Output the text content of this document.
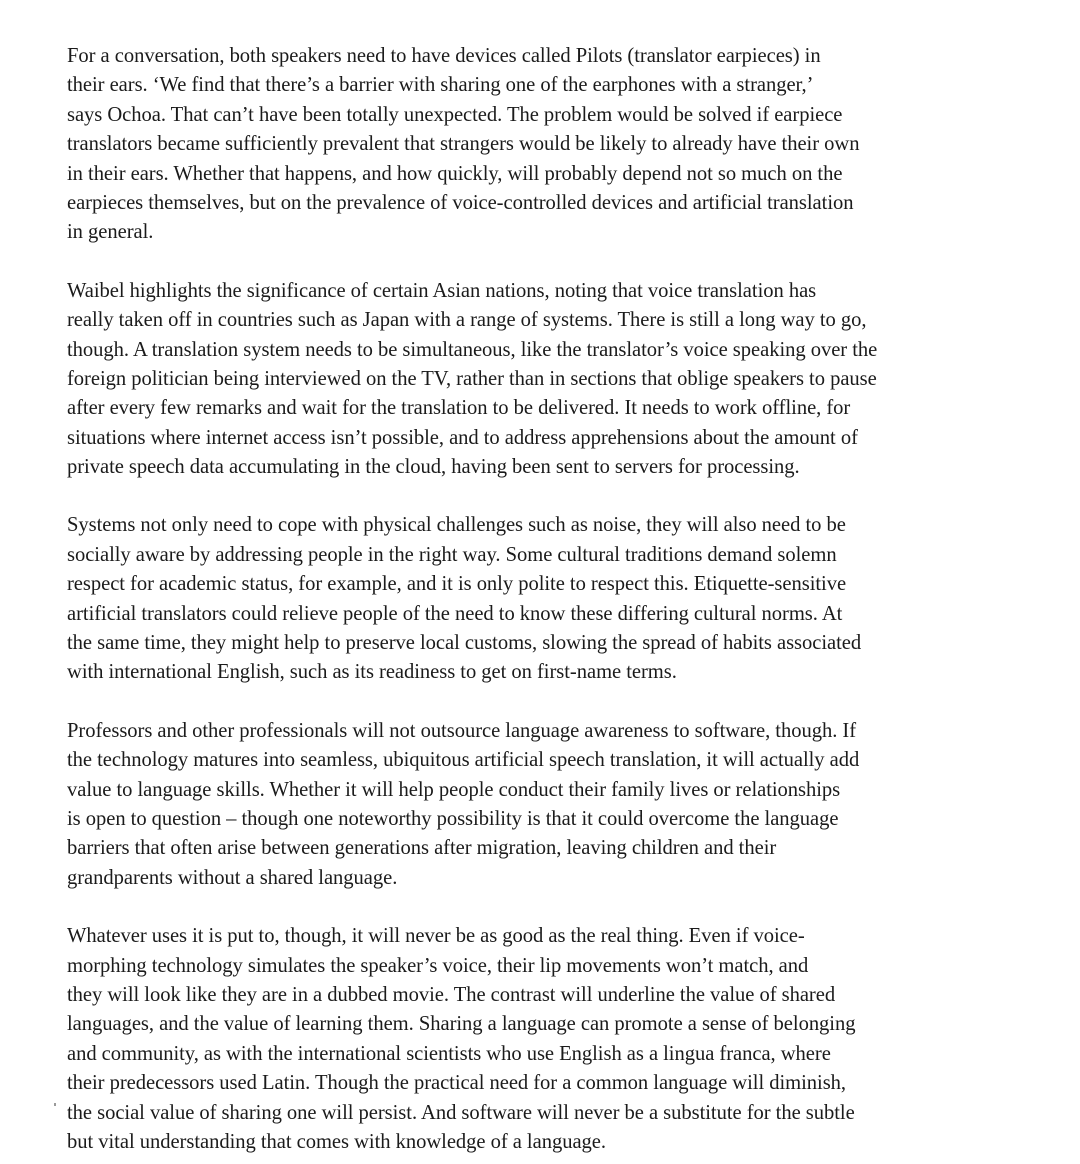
For a conversation, both speakers need to have devices called Pilots (translator earpieces) in
their ears. ‘We find that there’s a barrier with sharing one of the earphones with a stranger,’
says Ochoa. That can’t have been totally unexpected. The problem would be solved if earpiece
translators became sufficiently prevalent that strangers would be likely to already have their own
in their ears. Whether that happens, and how quickly, will probably depend not so much on the
earpieces themselves, but on the prevalence of voice-controlled devices and artificial translation
in general.
Waibel highlights the significance of certain Asian nations, noting that voice translation has
really taken off in countries such as Japan with a range of systems. There is still a long way to go,
though. A translation system needs to be simultaneous, like the translator’s voice speaking over the
foreign politician being interviewed on the TV, rather than in sections that oblige speakers to pause
after every few remarks and wait for the translation to be delivered. It needs to work offline, for
situations where internet access isn’t possible, and to address apprehensions about the amount of
private speech data accumulating in the cloud, having been sent to servers for processing.
Systems not only need to cope with physical challenges such as noise, they will also need to be
socially aware by addressing people in the right way. Some cultural traditions demand solemn
respect for academic status, for example, and it is only polite to respect this. Etiquette-sensitive
artificial translators could relieve people of the need to know these differing cultural norms. At
the same time, they might help to preserve local customs, slowing the spread of habits associated
with international English, such as its readiness to get on first-name terms.
Professors and other professionals will not outsource language awareness to software, though. If
the technology matures into seamless, ubiquitous artificial speech translation, it will actually add
value to language skills. Whether it will help people conduct their family lives or relationships
is open to question – though one noteworthy possibility is that it could overcome the language
barriers that often arise between generations after migration, leaving children and their
grandparents without a shared language.
Whatever uses it is put to, though, it will never be as good as the real thing. Even if voice-
morphing technology simulates the speaker’s voice, their lip movements won’t match, and
they will look like they are in a dubbed movie. The contrast will underline the value of shared
languages, and the value of learning them. Sharing a language can promote a sense of belonging
and community, as with the international scientists who use English as a lingua franca, where
their predecessors used Latin. Though the practical need for a common language will diminish,
the social value of sharing one will persist. And software will never be a substitute for the subtle
but vital understanding that comes with knowledge of a language.
